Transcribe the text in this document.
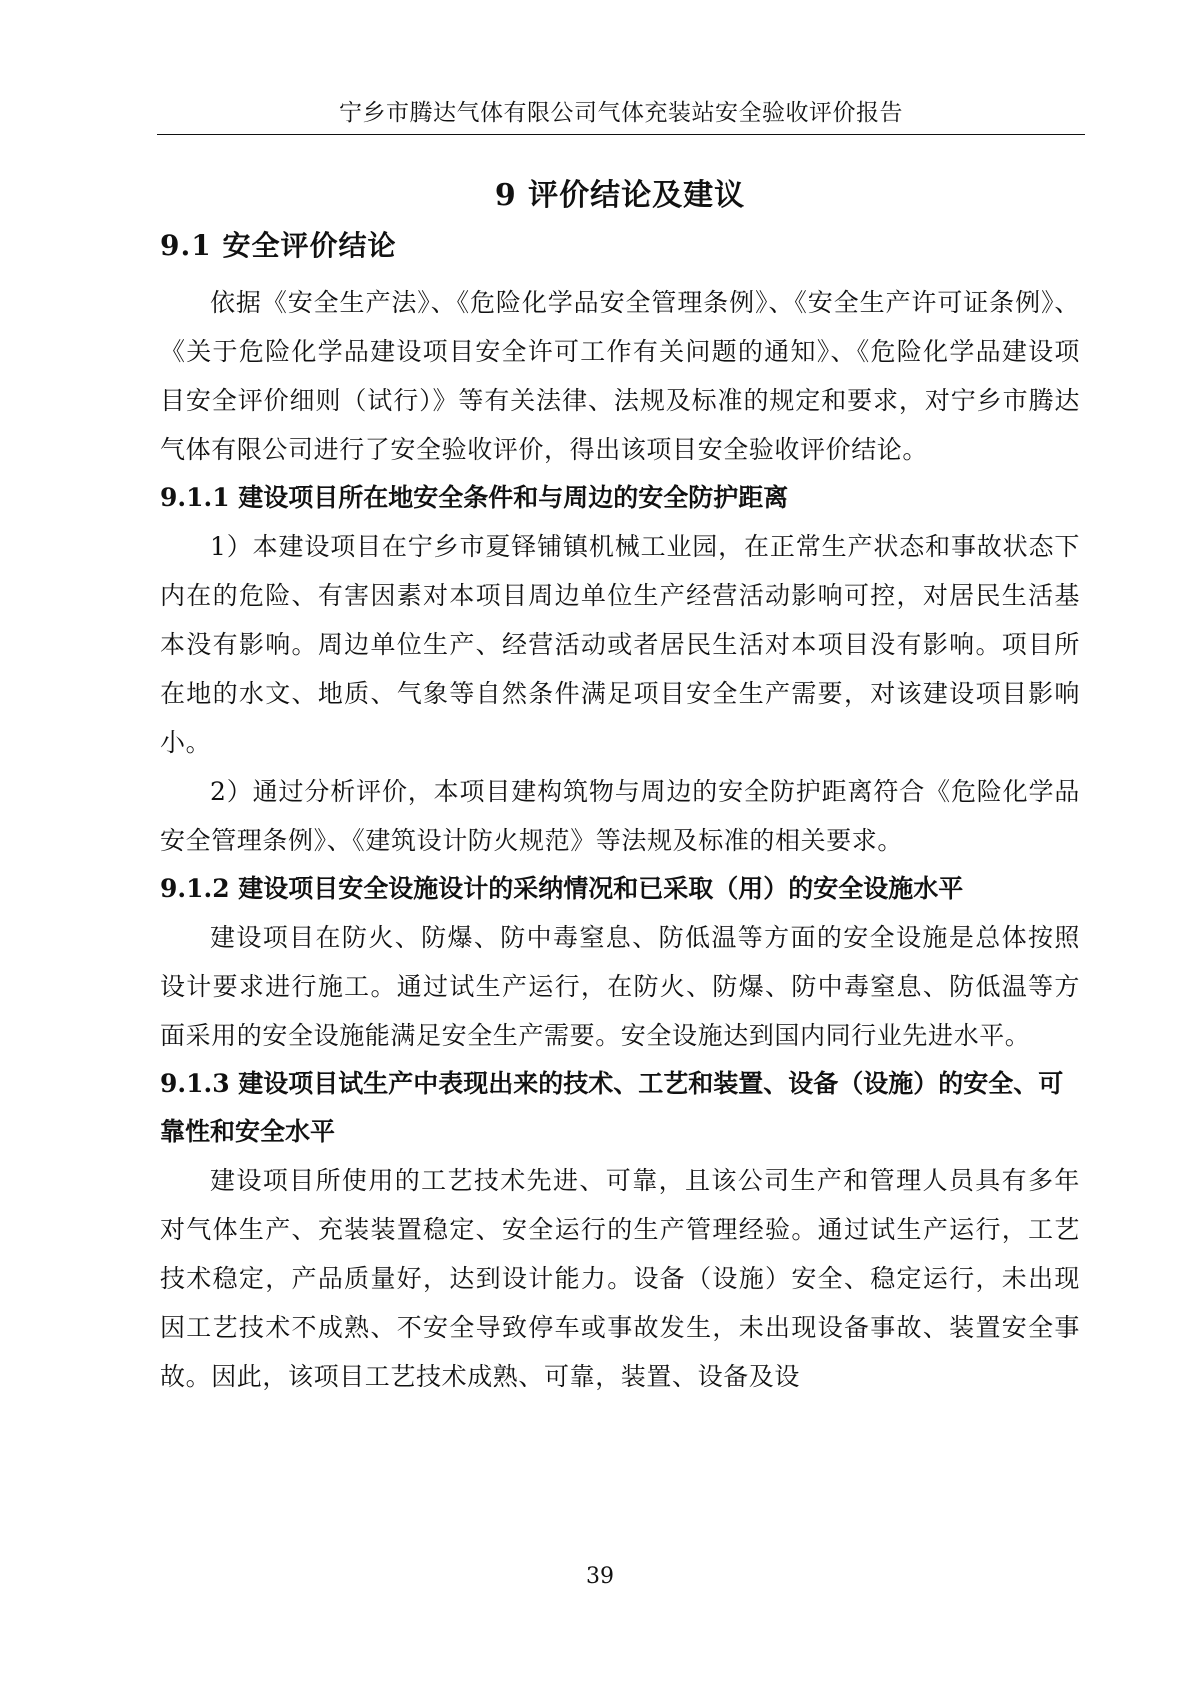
宁乡市腾达气体有限公司气体充装站安全验收评价报告
9 评价结论及建议
9.1 安全评价结论

依据《安全生产法》、《危险化学品安全管理条例》、《安全生产许可证条例》、《关于危险化学品建设项目安全许可工作有关问题的通知》、《危险化学品建设项目安全评价细则（试行）》等有关法律、法规及标准的规定和要求，对宁乡市腾达气体有限公司进行了安全验收评价，得出该项目安全验收评价结论。

9.1.1 建设项目所在地安全条件和与周边的安全防护距离

1）本建设项目在宁乡市夏铎铺镇机械工业园，在正常生产状态和事故状态下内在的危险、有害因素对本项目周边单位生产经营活动影响可控，对居民生活基本没有影响。周边单位生产、经营活动或者居民生活对本项目没有影响。项目所在地的水文、地质、气象等自然条件满足项目安全生产需要，对该建设项目影响小。

2）通过分析评价，本项目建构筑物与周边的安全防护距离符合《危险化学品安全管理条例》、《建筑设计防火规范》等法规及标准的相关要求。

9.1.2 建设项目安全设施设计的采纳情况和已采取（用）的安全设施水平

建设项目在防火、防爆、防中毒窒息、防低温等方面的安全设施是总体按照设计要求进行施工。通过试生产运行，在防火、防爆、防中毒窒息、防低温等方面采用的安全设施能满足安全生产需要。安全设施达到国内同行业先进水平。

9.1.3 建设项目试生产中表现出来的技术、工艺和装置、设备（设施）的安全、可靠性和安全水平

建设项目所使用的工艺技术先进、可靠，且该公司生产和管理人员具有多年对气体生产、充装装置稳定、安全运行的生产管理经验。通过试生产运行，工艺技术稳定，产品质量好，达到设计能力。设备（设施）安全、稳定运行，未出现因工艺技术不成熟、不安全导致停车或事故发生，未出现设备事故、装置安全事故。因此，该项目工艺技术成熟、可靠，装置、设备及设

39
